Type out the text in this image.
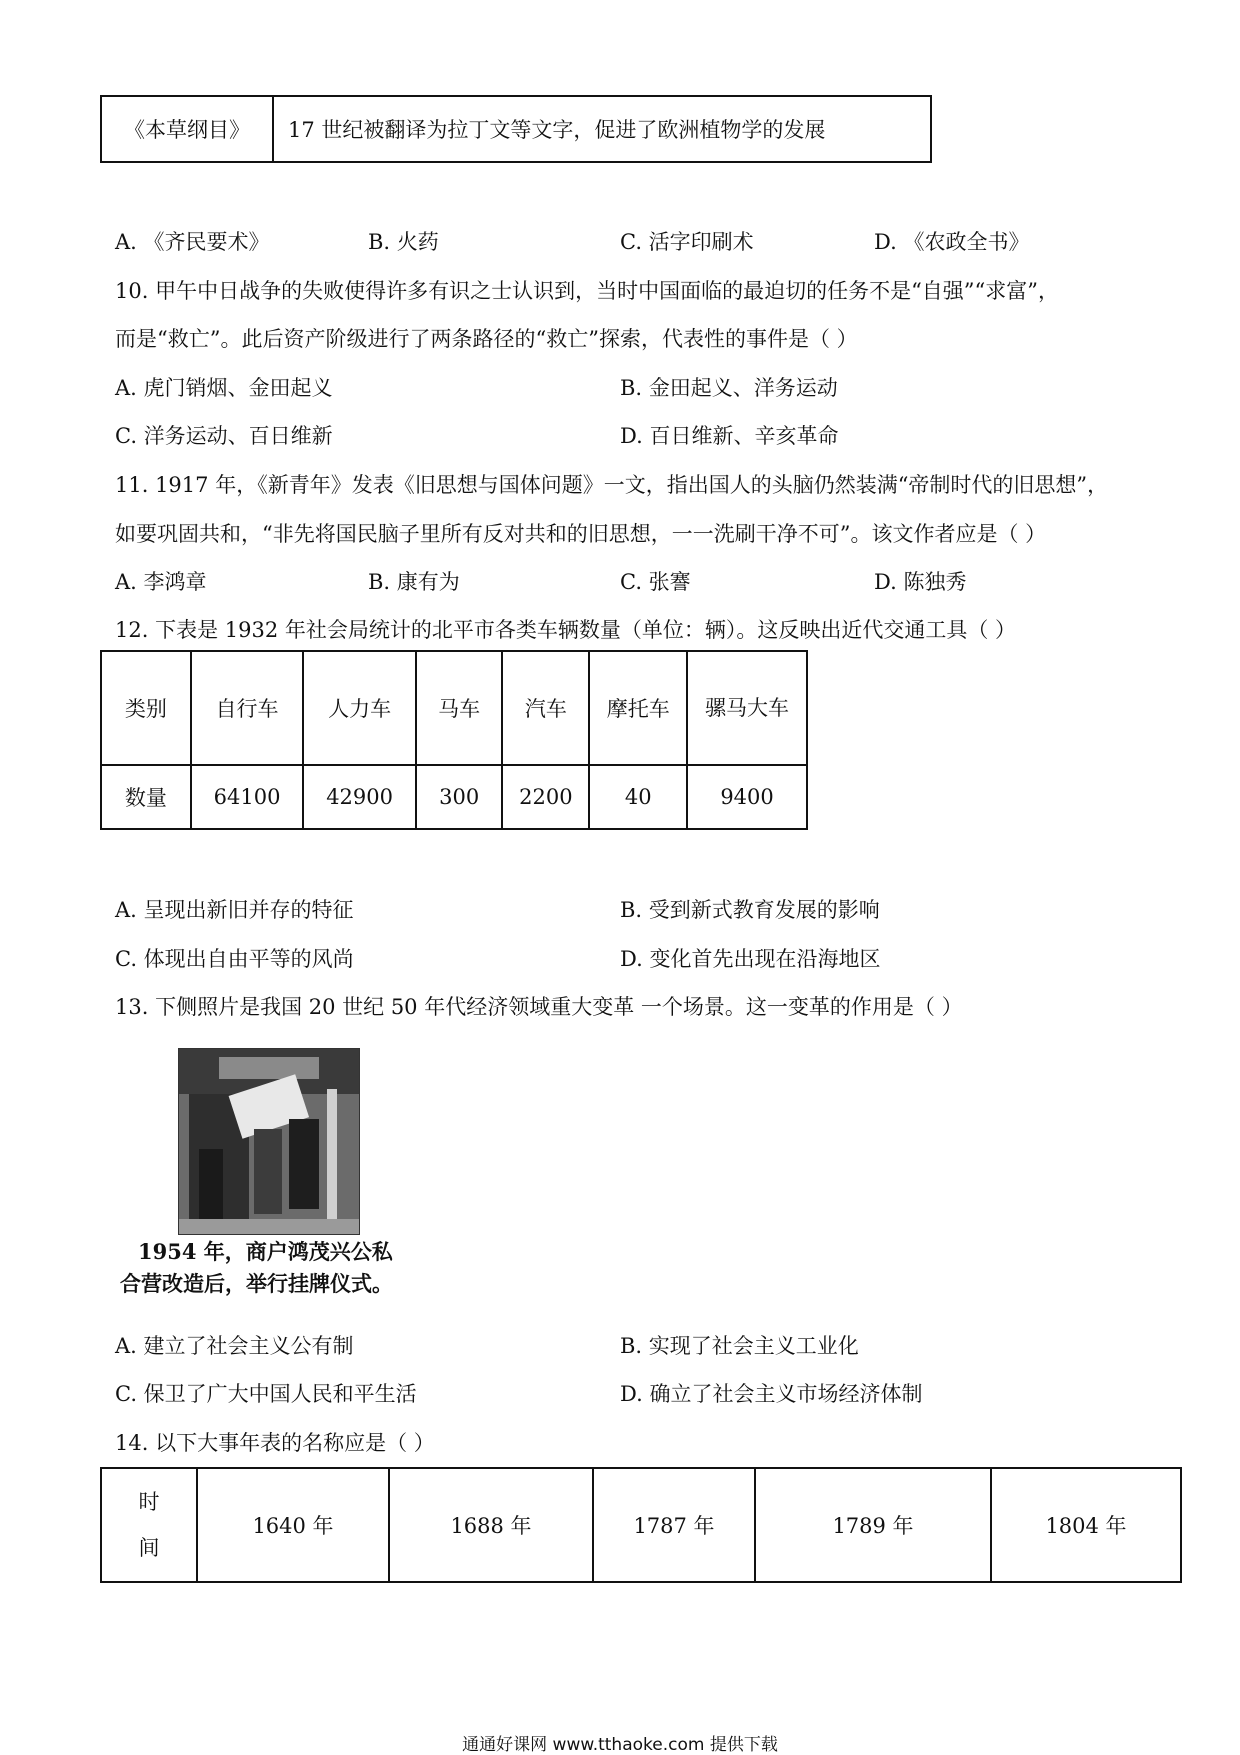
《本草纲目》	17 世纪被翻译为拉丁文等文字，促进了欧洲植物学的发展
A. 《齐民要术》	B. 火药	C. 活字印刷术	D. 《农政全书》
10. 甲午中日战争的失败使得许多有识之士认识到，当时中国面临的最迫切的任务不是“自强”“求富”，
而是“救亡”。此后资产阶级进行了两条路径的“救亡”探索，代表性的事件是（ ）
A. 虎门销烟、金田起义	B. 金田起义、洋务运动
C. 洋务运动、百日维新	D. 百日维新、辛亥革命
11. 1917 年，《新青年》发表《旧思想与国体问题》一文，指出国人的头脑仍然装满“帝制时代的旧思想”，
如要巩固共和，“非先将国民脑子里所有反对共和的旧思想，一一洗刷干净不可”。该文作者应是（ ）
A. 李鸿章	B. 康有为	C. 张謇	D. 陈独秀
12. 下表是 1932 年社会局统计的北平市各类车辆数量（单位：辆）。这反映出近代交通工具（ ）
类别	自行车	人力车	马车	汽车	摩托车	骡马大车
数量	64100	42900	300	2200	40	9400
A. 呈现出新旧并存的特征	B. 受到新式教育发展的影响
C. 体现出自由平等的风尚	D. 变化首先出现在沿海地区
13. 下侧照片是我国 20 世纪 50 年代经济领域重大变革 一个场景。这一变革的作用是（ ）
1954 年，商户鸿茂兴公私
合营改造后，举行挂牌仪式。
A. 建立了社会主义公有制	B. 实现了社会主义工业化
C. 保卫了广大中国人民和平生活	D. 确立了社会主义市场经济体制
14. 以下大事年表的名称应是（ ）
时间	1640 年	1688 年	1787 年	1789 年	1804 年
通通好课网 www.tthaoke.com 提供下载
